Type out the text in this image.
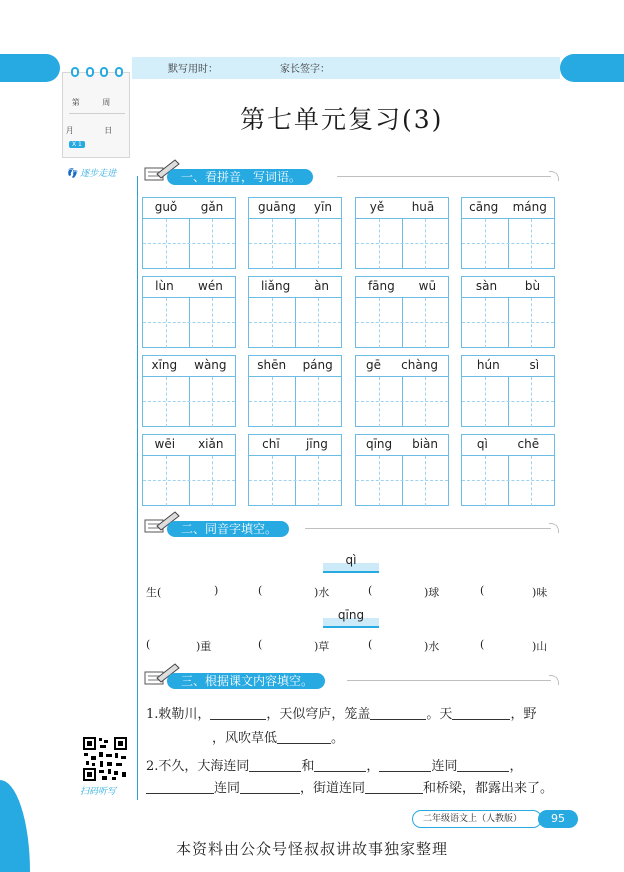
默写用时：	家长签字：
第 周
月 日
X 1
👣 逐步走进
第七单元复习(3)
一、看拼音，写词语。
guǒ gǎn	guāng yīn	yě huā	cāng máng
lùn wén	liǎng àn	fāng wū	sàn bù
xīng wàng	shēn páng	gē chàng	hún sì
wēi xiǎn	chī jīng	qīng biàn	qì chē
二、同音字填空。
qì
生(	)	(	)水	(	)球	(	)味
qīng
(	)重	(	)草	(	)水	(	)山
三、根据课文内容填空。
1.敕勒川，	，天似穹庐，笼盖	。天	，野
，风吹草低	。
2.不久，大海连同	和	，	连同	，
连同	，街道连同	和桥梁，都露出来了。
扫码听写
二年级语文上（人教版）	95
本资料由公众号怪叔叔讲故事独家整理
